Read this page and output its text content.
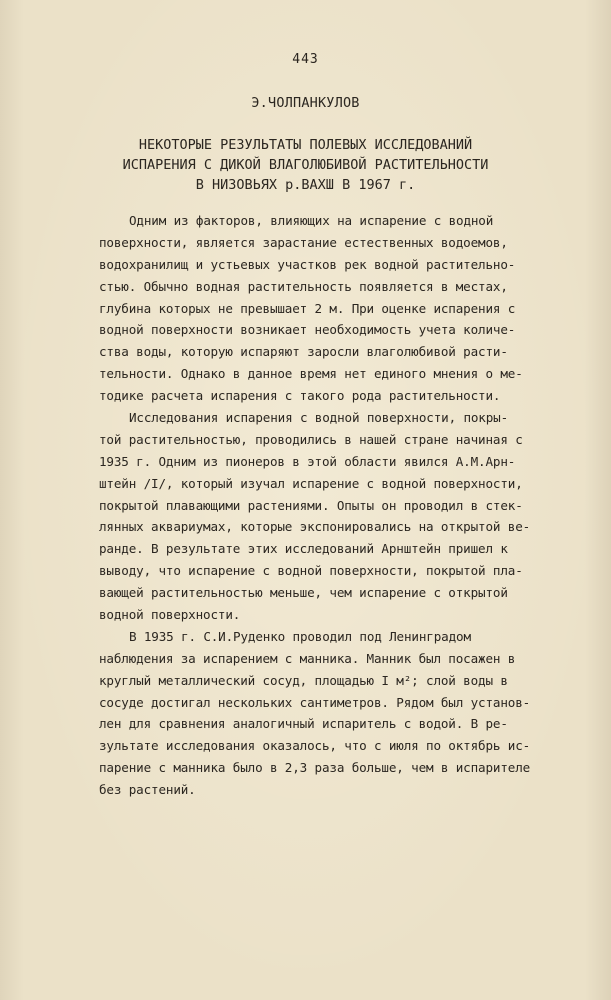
443
Э.ЧОЛПАНКУЛОВ
НЕКОТОРЫЕ РЕЗУЛЬТАТЫ ПОЛЕВЫХ ИССЛЕДОВАНИЙ
ИСПАРЕНИЯ С ДИКОЙ ВЛАГОЛЮБИВОЙ РАСТИТЕЛЬНОСТИ
В НИЗОВЬЯХ р.ВАХШ В 1967 г.
Одним из факторов, влияющих на испарение с водной
поверхности, является зарастание естественных водоемов,
водохранилищ и устьевых участков рек водной растительно-
стью. Обычно водная растительность появляется в местах,
глубина которых не превышает 2 м. При оценке испарения с
водной поверхности возникает необходимость учета количе-
ства воды, которую испаряют заросли влаголюбивой расти-
тельности. Однако в данное время нет единого мнения о ме-
тодике расчета испарения с такого рода растительности.
Исследования испарения с водной поверхности, покры-
той растительностью, проводились в нашей стране начиная с
1935 г. Одним из пионеров в этой области явился А.М.Арн-
штейн /I/, который изучал испарение с водной поверхности,
покрытой плавающими растениями. Опыты он проводил в стек-
лянных аквариумах, которые экспонировались на открытой ве-
ранде. В результате этих исследований Арнштейн пришел к
выводу, что испарение с водной поверхности, покрытой пла-
вающей растительностью меньше, чем испарение с открытой
водной поверхности.
В 1935 г. С.И.Руденко проводил под Ленинградом
наблюдения за испарением с манника. Манник был посажен в
круглый металлический сосуд, площадью I м²; слой воды в
сосуде достигал нескольких сантиметров. Рядом был установ-
лен для сравнения аналогичный испаритель с водой. В ре-
зультате исследования оказалось, что с июля по октябрь ис-
парение с манника было в 2,3 раза больше, чем в испарителе
без растений.
